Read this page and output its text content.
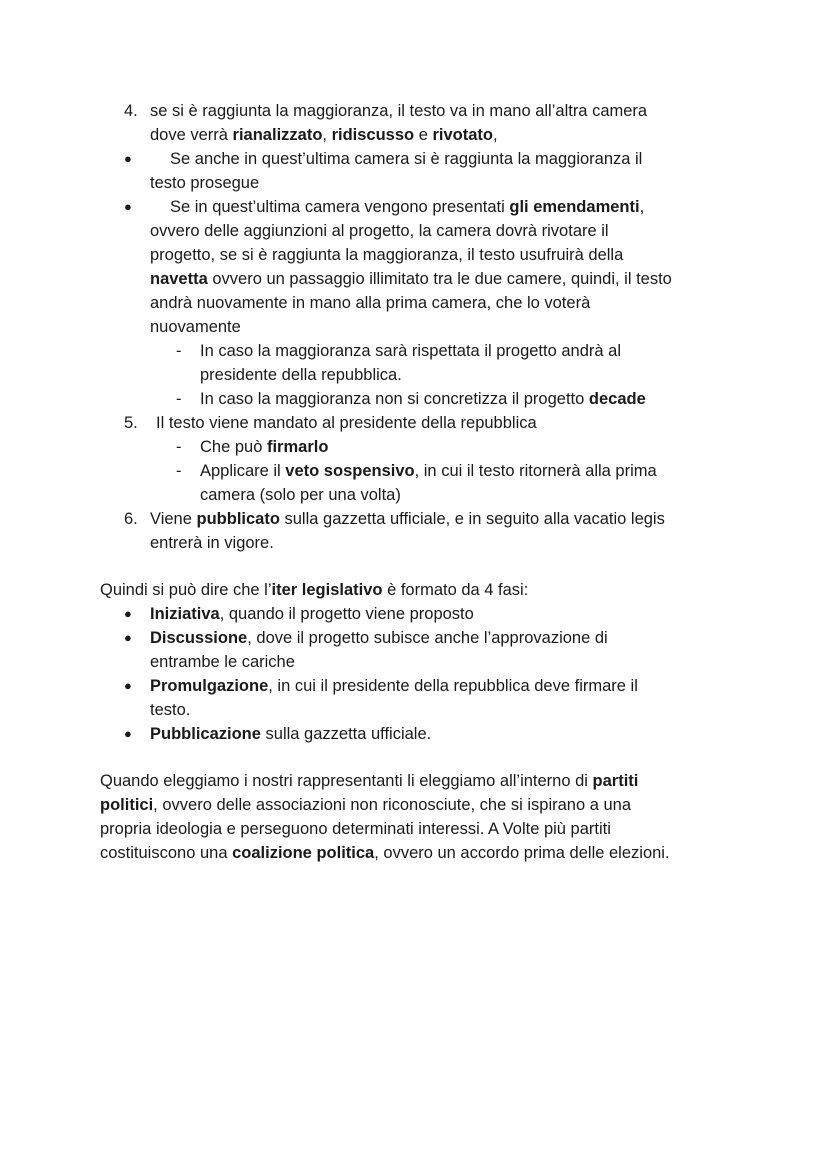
4. se si è raggiunta la maggioranza, il testo va in mano all’altra camera
dove verrà rianalizzato, ridiscusso e rivotato,
● Se anche in quest’ultima camera si è raggiunta la maggioranza il
testo prosegue
● Se in quest’ultima camera vengono presentati gli emendamenti,
ovvero delle aggiunzioni al progetto, la camera dovrà rivotare il
progetto, se si è raggiunta la maggioranza, il testo usufruirà della
navetta ovvero un passaggio illimitato tra le due camere, quindi, il testo
andrà nuovamente in mano alla prima camera, che lo voterà
nuovamente
- In caso la maggioranza sarà rispettata il progetto andrà al
presidente della repubblica.
- In caso la maggioranza non si concretizza il progetto decade
5. Il testo viene mandato al presidente della repubblica
- Che può firmarlo
- Applicare il veto sospensivo, in cui il testo ritornerà alla prima
camera (solo per una volta)
6. Viene pubblicato sulla gazzetta ufficiale, e in seguito alla vacatio legis
entrerà in vigore.
Quindi si può dire che l’iter legislativo è formato da 4 fasi:
● Iniziativa, quando il progetto viene proposto
● Discussione, dove il progetto subisce anche l’approvazione di
entrambe le cariche
● Promulgazione, in cui il presidente della repubblica deve firmare il
testo.
● Pubblicazione sulla gazzetta ufficiale.
Quando eleggiamo i nostri rappresentanti li eleggiamo all’interno di partiti
politici, ovvero delle associazioni non riconosciute, che si ispirano a una
propria ideologia e perseguono determinati interessi. A Volte più partiti
costituiscono una coalizione politica, ovvero un accordo prima delle elezioni.
